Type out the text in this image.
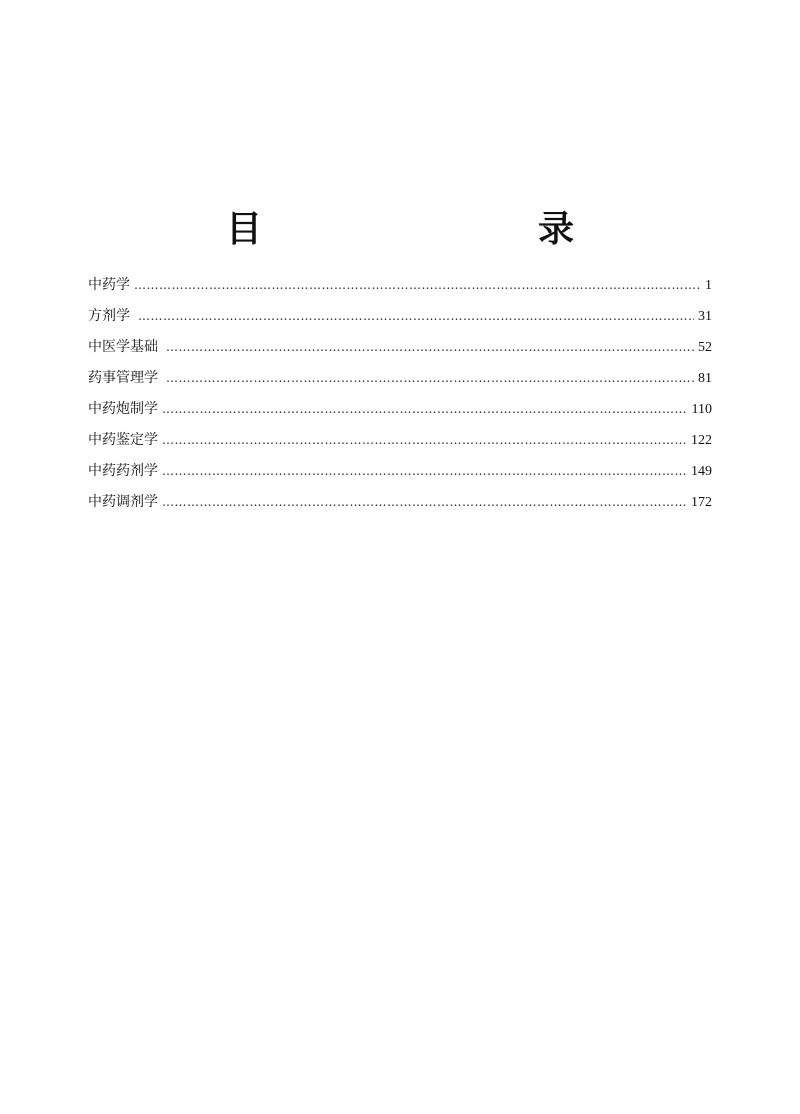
目　　录
中药学 …………………………………………………………………………………………………………………………………………………………………………………………………………………………………………………………	1
方剂学 …………………………………………………………………………………………………………………………………………………………………………………………………………………………………………………………	31
中医学基础 …………………………………………………………………………………………………………………………………………………………………………………………………………………………………………………………	52
药事管理学 …………………………………………………………………………………………………………………………………………………………………………………………………………………………………………………………	81
中药炮制学 …………………………………………………………………………………………………………………………………………………………………………………………………………………………………………………………	110
中药鉴定学 …………………………………………………………………………………………………………………………………………………………………………………………………………………………………………………………	122
中药药剂学 …………………………………………………………………………………………………………………………………………………………………………………………………………………………………………………………	149
中药调剂学 …………………………………………………………………………………………………………………………………………………………………………………………………………………………………………………………	172
